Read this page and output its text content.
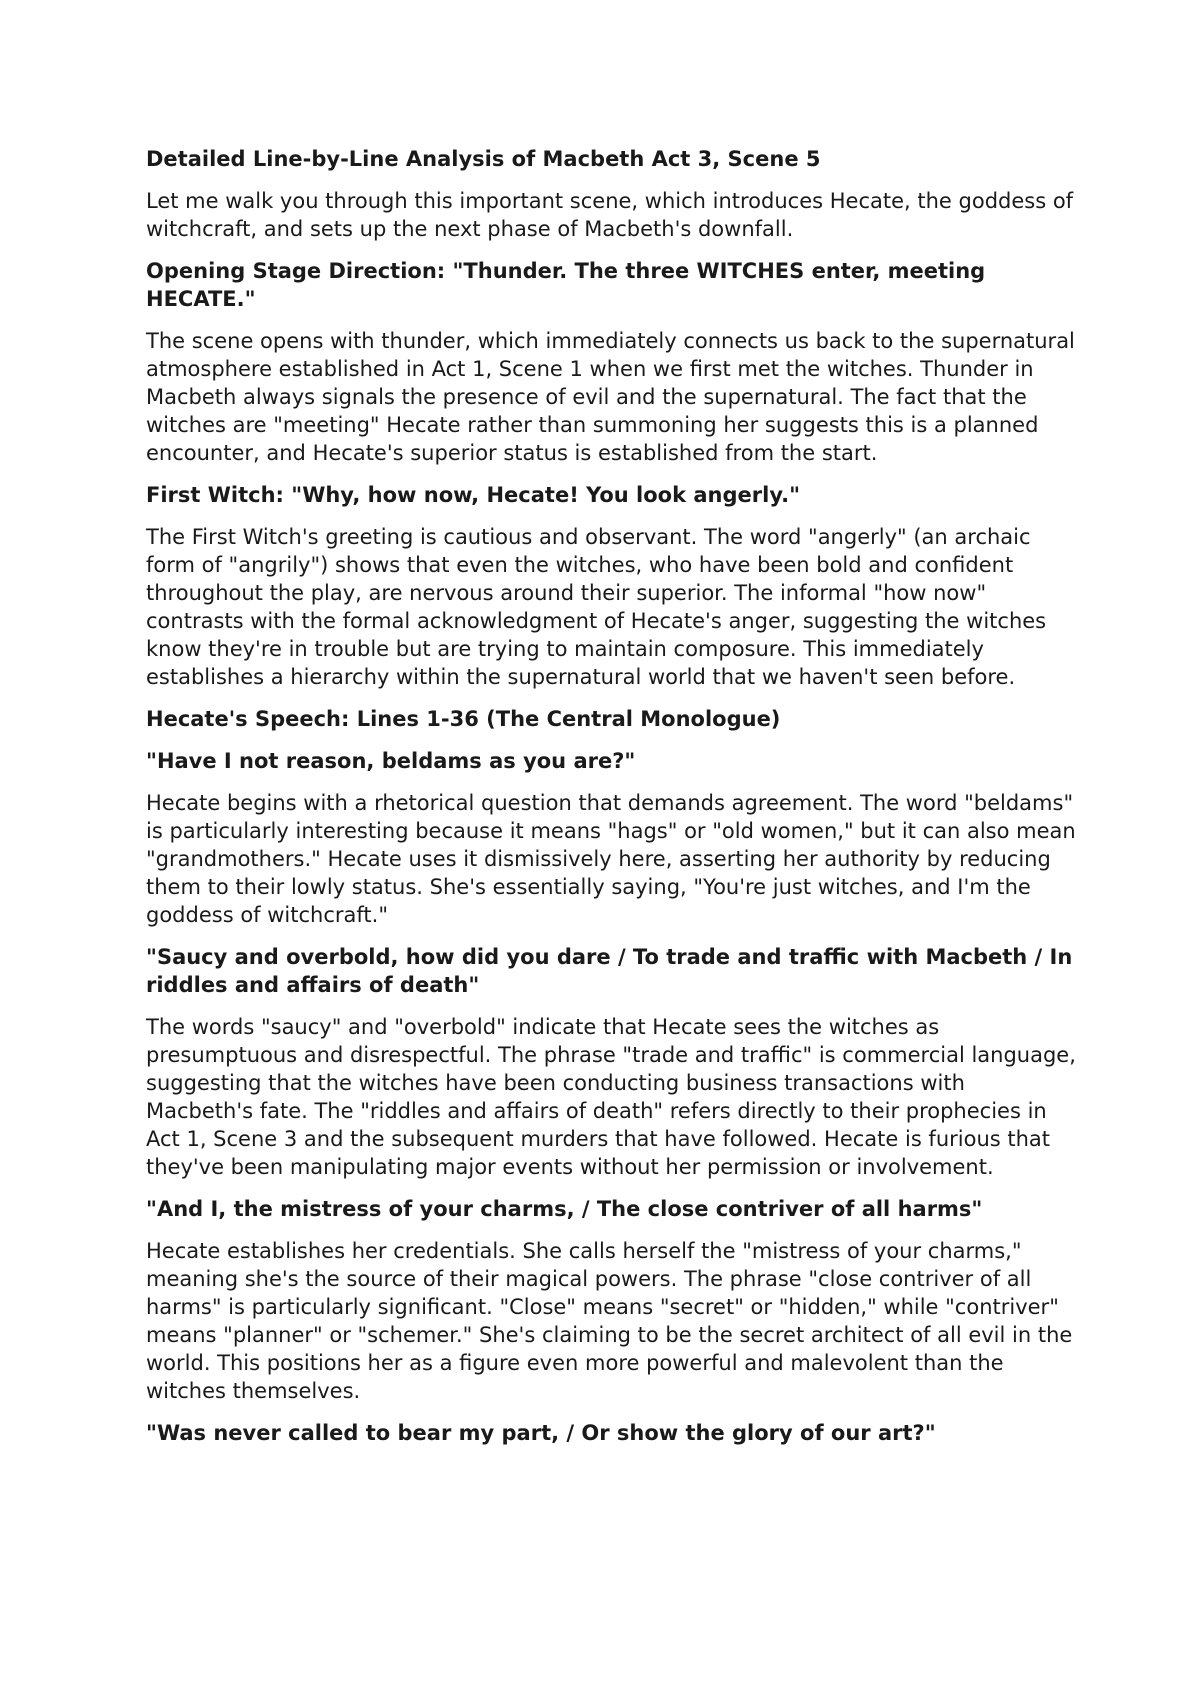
Detailed Line-by-Line Analysis of Macbeth Act 3, Scene 5
Let me walk you through this important scene, which introduces Hecate, the goddess of witchcraft, and sets up the next phase of Macbeth's downfall.
Opening Stage Direction: "Thunder. The three WITCHES enter, meeting HECATE."
The scene opens with thunder, which immediately connects us back to the supernatural atmosphere established in Act 1, Scene 1 when we first met the witches. Thunder in Macbeth always signals the presence of evil and the supernatural. The fact that the witches are "meeting" Hecate rather than summoning her suggests this is a planned encounter, and Hecate's superior status is established from the start.
First Witch: "Why, how now, Hecate! You look angerly."
The First Witch's greeting is cautious and observant. The word "angerly" (an archaic form of "angrily") shows that even the witches, who have been bold and confident throughout the play, are nervous around their superior. The informal "how now" contrasts with the formal acknowledgment of Hecate's anger, suggesting the witches know they're in trouble but are trying to maintain composure. This immediately establishes a hierarchy within the supernatural world that we haven't seen before.
Hecate's Speech: Lines 1-36 (The Central Monologue)
"Have I not reason, beldams as you are?"
Hecate begins with a rhetorical question that demands agreement. The word "beldams" is particularly interesting because it means "hags" or "old women," but it can also mean "grandmothers." Hecate uses it dismissively here, asserting her authority by reducing them to their lowly status. She's essentially saying, "You're just witches, and I'm the goddess of witchcraft."
"Saucy and overbold, how did you dare / To trade and traffic with Macbeth / In riddles and affairs of death"
The words "saucy" and "overbold" indicate that Hecate sees the witches as presumptuous and disrespectful. The phrase "trade and traffic" is commercial language, suggesting that the witches have been conducting business transactions with Macbeth's fate. The "riddles and affairs of death" refers directly to their prophecies in Act 1, Scene 3 and the subsequent murders that have followed. Hecate is furious that they've been manipulating major events without her permission or involvement.
"And I, the mistress of your charms, / The close contriver of all harms"
Hecate establishes her credentials. She calls herself the "mistress of your charms," meaning she's the source of their magical powers. The phrase "close contriver of all harms" is particularly significant. "Close" means "secret" or "hidden," while "contriver" means "planner" or "schemer." She's claiming to be the secret architect of all evil in the world. This positions her as a figure even more powerful and malevolent than the witches themselves.
"Was never called to bear my part, / Or show the glory of our art?"
